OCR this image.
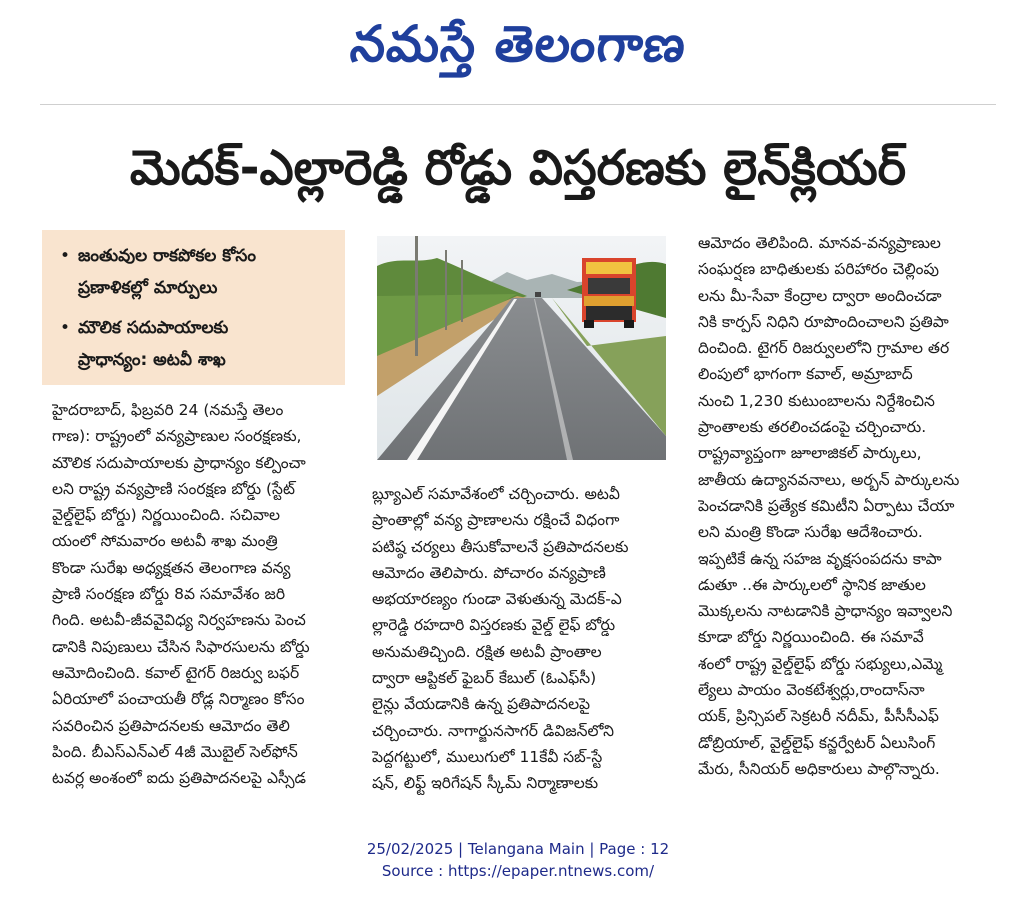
నమస్తే తెలంగాణ
మెదక్-ఎల్లారెడ్డి రోడ్డు విస్తరణకు లైన్‌క్లియర్
• జంతువుల రాకపోకల కోసం
ప్రణాళికల్లో మార్పులు
• మౌలిక సదుపాయాలకు
ప్రాధాన్యం: అటవీ శాఖ
హైదరాబాద్, ఫిబ్రవరి 24 (నమస్తే తెలం
గాణ): రాష్ట్రంలో వన్యప్రాణుల సంరక్షణకు,
మౌలిక సదుపాయాలకు ప్రాధాన్యం కల్పించా
లని రాష్ట్ర వన్యప్రాణి సంరక్షణ బోర్డు (స్టేట్
వైల్డ్‌లైఫ్ బోర్డు) నిర్ణయించింది. సచివాల
యంలో సోమవారం అటవీ శాఖ మంత్రి
కొండా సురేఖ అధ్యక్షతన తెలంగాణ వన్య
ప్రాణి సంరక్షణ బోర్డు 8వ సమావేశం జరి
గింది. అటవీ-జీవవైవిధ్య నిర్వహణను పెంచ
డానికి నిపుణులు చేసిన సిఫారసులను బోర్డు
ఆమోదించింది. కవాల్ టైగర్ రిజర్వు బఫర్
ఏరియాలో పంచాయతీ రోడ్ల నిర్మాణం కోసం
సవరించిన ప్రతిపాదనలకు ఆమోదం తెలి
పింది. బీఎస్‌ఎన్‌ఎల్ 4జీ మొబైల్ సెల్‌ఫోన్
టవర్ల అంశంలో ఐదు ప్రతిపాదనలపై ఎస్సీడ
బ్ల్యూఎల్ సమావేశంలో చర్చించారు. అటవీ
ప్రాంతాల్లో వన్య ప్రాణాలను రక్షించే విధంగా
పటిష్ఠ చర్యలు తీసుకోవాలనే ప్రతిపాదనలకు
ఆమోదం తెలిపారు. పోచారం వన్యప్రాణి
అభయారణ్యం గుండా వెళుతున్న మెదక్-ఎ
ల్లారెడ్డి రహదారి విస్తరణకు వైల్డ్ లైఫ్ బోర్డు
అనుమతిచ్చింది. రక్షిత అటవీ ప్రాంతాల
ద్వారా ఆప్టికల్ ఫైబర్ కేబుల్ (ఓఎఫ్‌సీ)
లైన్లు వేయడానికి ఉన్న ప్రతిపాదనలపై
చర్చించారు. నాగార్జునసాగర్ డివిజన్‌లోని
పెద్దగట్టులో, ములుగులో 11కేవీ సబ్-స్టే
షన్, లిఫ్ట్ ఇరిగేషన్ స్కీమ్ నిర్మాణాలకు
ఆమోదం తెలిపింది. మానవ-వన్యప్రాణుల
సంఘర్షణ బాధితులకు పరిహారం చెల్లింపు
లను మీ-సేవా కేంద్రాల ద్వారా అందించడా
నికి కార్పస్ నిధిని రూపొందించాలని ప్రతిపా
దించింది. టైగర్ రిజర్వులలోని గ్రామాల తర
లింపులో భాగంగా కవాల్, అమ్రాబాద్
నుంచి 1,230 కుటుంబాలను నిర్దేశించిన
ప్రాంతాలకు తరలించడంపై చర్చించారు.
రాష్ట్రవ్యాప్తంగా జూలాజికల్ పార్కులు,
జాతీయ ఉద్యానవనాలు, అర్బన్ పార్కులను
పెంచడానికి ప్రత్యేక కమిటీని ఏర్పాటు చేయా
లని మంత్రి కొండా సురేఖ ఆదేశించారు.
ఇప్పటికే ఉన్న సహజ వృక్షసంపదను కాపా
డుతూ ..ఈ పార్కులలో స్థానిక జాతుల
మొక్కలను నాటడానికి ప్రాధాన్యం ఇవ్వాలని
కూడా బోర్డు నిర్ణయించింది. ఈ సమావే
శంలో రాష్ట్ర వైల్డ్‌లైఫ్ బోర్డు సభ్యులు,ఎమ్మె
ల్యేలు పాయం వెంకటేశ్వర్లు,రాందాస్‌నా
యక్, ప్రిన్సిపల్ సెక్రటరీ నదీమ్, పీసీసీఎఫ్
డోబ్రియాల్, వైల్డ్‌లైఫ్ కన్జర్వేటర్ ఏలుసింగ్
మేరు, సీనియర్ అధికారులు పాల్గొన్నారు.
25/02/2025 | Telangana Main | Page : 12
Source : https://epaper.ntnews.com/
